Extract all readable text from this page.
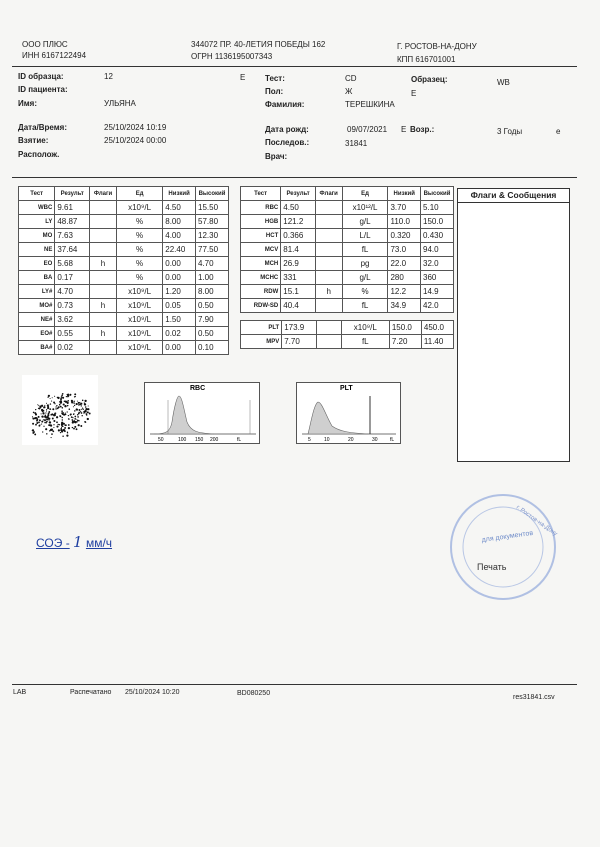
ООО ПЛЮС
ИНН 6167122494
344072 ПР. 40-ЛЕТИЯ ПОБЕДЫ 162
ОГРН 1136195007343
Г. РОСТОВ-НА-ДОНУ
КПП 616701001
ID образца:	12	E
ID пациента:
Имя:	УЛЬЯНА
Тест:	CD
Пол:	Ж
Фамилия:	ТЕРЕШКИНА
Образец:	WB
E
Дата/Время:	25/10/2024 10:19
Взятие:	25/10/2024 00:00
Располож.
Дата рожд:	09/07/2021 E Возр.:	3 Годы	e
Последов.:	31841
Врач:
Тест	Результ	Флаги	Ед	Низкий	Высокий
WBC	9.61		x10⁹/L	4.50	15.50
LY	48.87		%	8.00	57.80
MO	7.63		%	4.00	12.30
NE	37.64		%	22.40	77.50
EO	5.68	h	%	0.00	4.70
BA	0.17		%	0.00	1.00
LY#	4.70		x10⁹/L	1.20	8.00
MO#	0.73	h	x10⁹/L	0.05	0.50
NE#	3.62		x10⁹/L	1.50	7.90
EO#	0.55	h	x10⁹/L	0.02	0.50
BA#	0.02		x10⁹/L	0.00	0.10
Тест	Результ	Флаги	Ед	Низкий	Высокий
RBC	4.50		x10¹²/L	3.70	5.10
HGB	121.2		g/L	110.0	150.0
HCT	0.366		L/L	0.320	0.430
MCV	81.4		fL	73.0	94.0
MCH	26.9		pg	22.0	32.0
MCHC	331		g/L	280	360
RDW	15.1	h	%	12.2	14.9
RDW-SD	40.4		fL	34.9	42.0
PLT	173.9		x10⁹/L	150.0	450.0
MPV	7.70		fL	7.20	11.40
Флаги & Сообщения
RBC
50	100 150 200	fL
PLT
5	10	20	30 fL
СОЭ - 1 мм/ч
г. Ростов-на-Дону
для документов
Печать
LAB	Распечатано 25/10/2024 10:20	BD080250
res31841.csv
